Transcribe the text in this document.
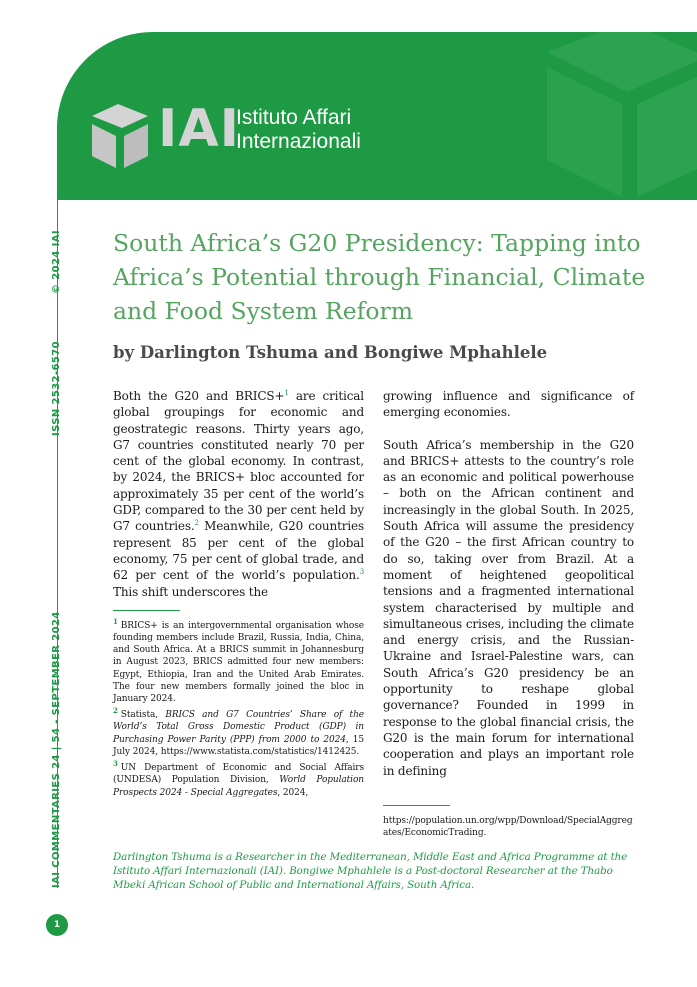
IAI
Istituto Affari
Internazionali
IAI COMMENTARIES 24 | 54 - SEPTEMBER 2024
ISSN 2532-6570
© 2024 IAI South Africa’s G20 Presidency: Tapping into Africa’s Potential through Financial, Climate and Food System Reform

by Darlington Tshuma and Bongiwe Mphahlele

Both the G20 and BRICS+$^1$ are critical global groupings for economic and geostrategic reasons. Thirty years ago, G7 countries constituted nearly 70 per cent of the global economy. In contrast, by 2024, the BRICS+ bloc accounted for approximately 35 per cent of the world’s GDP, compared to the 30 per cent held by G7 countries.$^2$ Meanwhile, G20 countries represent 85 per cent of the global economy, 75 per cent of global trade, and 62 per cent of the world’s population.$^3$ This shift underscores the

$^1$ BRICS+ is an intergovernmental organisation whose founding members include Brazil, Russia, India, China, and South Africa. At a BRICS summit in Johannesburg in August 2023, BRICS admitted four new members: Egypt, Ethiopia, Iran and the United Arab Emirates. The four new members formally joined the bloc in January 2024.

$^2$ Statista, BRICS and G7 Countries’ Share of the World’s Total Gross Domestic Product (GDP) in Purchasing Power Parity (PPP) from 2000 to 2024, 15 July 2024, https://www.statista.com/statistics/1412425.

$^3$ UN Department of Economic and Social Affairs (UNDESA) Population Division, World Population Prospects 2024 - Special Aggregates, 2024,

growing influence and significance of emerging economies.

South Africa’s membership in the G20 and BRICS+ attests to the country’s role as an economic and political powerhouse – both on the African continent and increasingly in the global South. In 2025, South Africa will assume the presidency of the G20 – the first African country to do so, taking over from Brazil. At a moment of heightened geopolitical tensions and a fragmented international system characterised by multiple and simultaneous crises, including the climate and energy crisis, and the Russian-Ukraine and Israel-Palestine wars, can South Africa’s G20 presidency be an opportunity to reshape global governance? Founded in 1999 in response to the global financial crisis, the G20 is the main forum for international cooperation and plays an important role in defining

https://population.un.org/wpp/Download/SpecialAggregates/EconomicTrading.

Darlington Tshuma is a Researcher in the Mediterranean, Middle East and Africa Programme at the Istituto Affari Internazionali (IAI). Bongiwe Mphahlele is a Post-doctoral Researcher at the Thabo Mbeki African School of Public and International Affairs, South Africa.

1
